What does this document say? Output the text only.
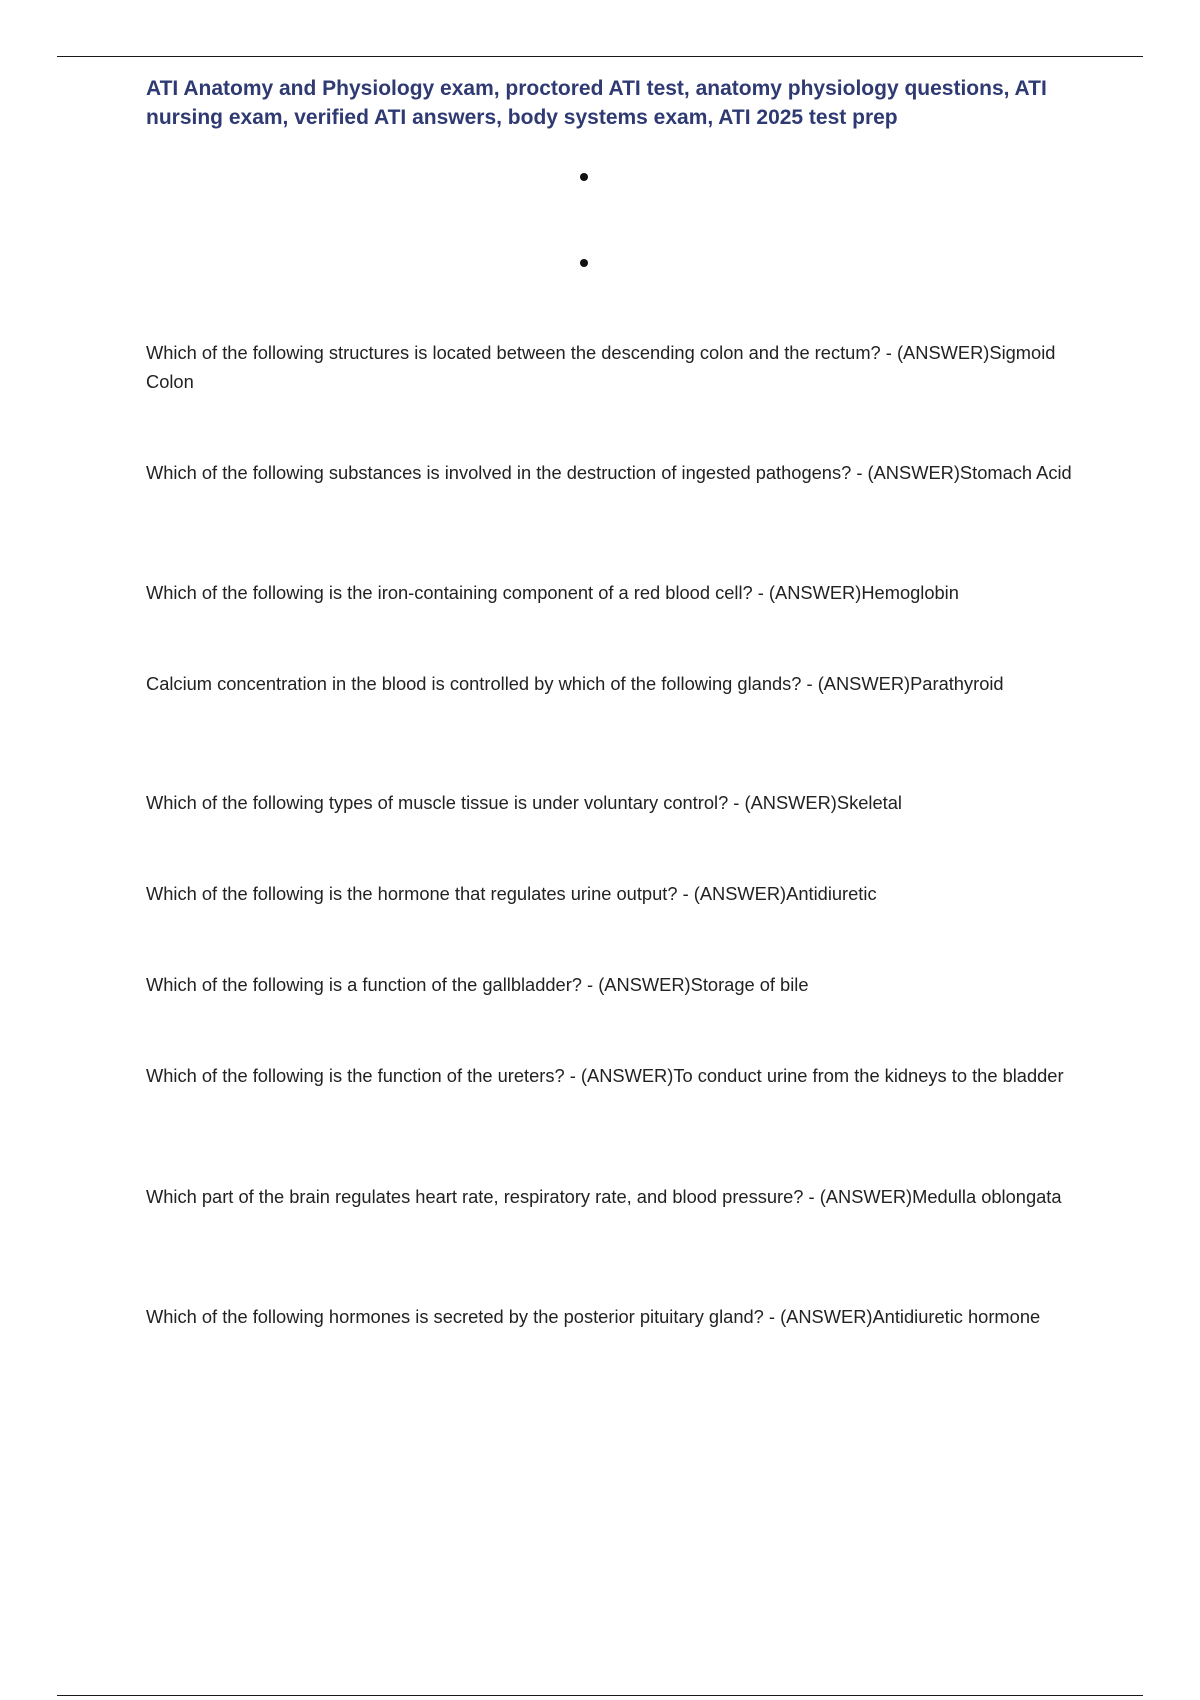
ATI Anatomy and Physiology exam, proctored ATI test, anatomy physiology questions, ATI nursing exam, verified ATI answers, body systems exam, ATI 2025 test prep

Which of the following structures is located between the descending colon and the rectum? - (ANSWER)Sigmoid Colon

Which of the following substances is involved in the destruction of ingested pathogens? - (ANSWER)Stomach Acid

Which of the following is the iron-containing component of a red blood cell? - (ANSWER)Hemoglobin

Calcium concentration in the blood is controlled by which of the following glands? - (ANSWER)Parathyroid

Which of the following types of muscle tissue is under voluntary control? - (ANSWER)Skeletal

Which of the following is the hormone that regulates urine output? - (ANSWER)Antidiuretic

Which of the following is a function of the gallbladder? - (ANSWER)Storage of bile

Which of the following is the function of the ureters? - (ANSWER)To conduct urine from the kidneys to the bladder

Which part of the brain regulates heart rate, respiratory rate, and blood pressure? - (ANSWER)Medulla oblongata

Which of the following hormones is secreted by the posterior pituitary gland? - (ANSWER)Antidiuretic hormone
